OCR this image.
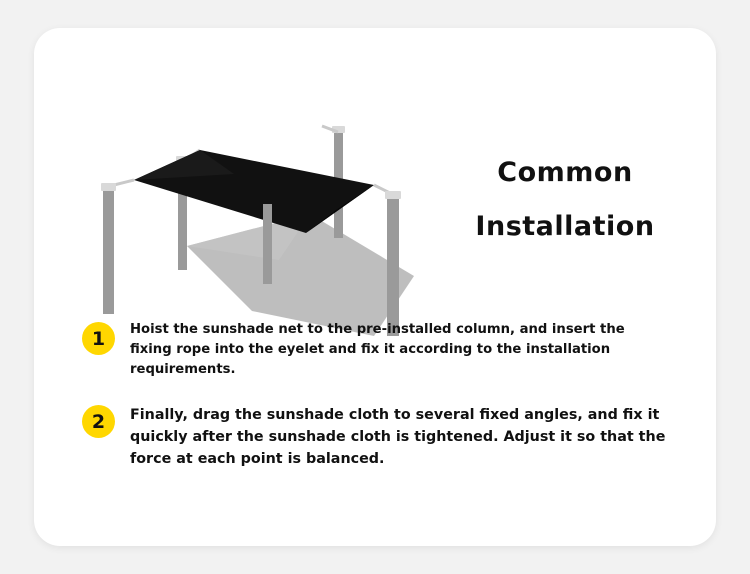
Common
Installation
1	Hoist the sunshade net to the pre-installed column, and insert the fixing rope into the eyelet and fix it according to the installation requirements.
2	Finally, drag the sunshade cloth to several fixed angles, and fix it quickly after the sunshade cloth is tightened. Adjust it so that the force at each point is balanced.
